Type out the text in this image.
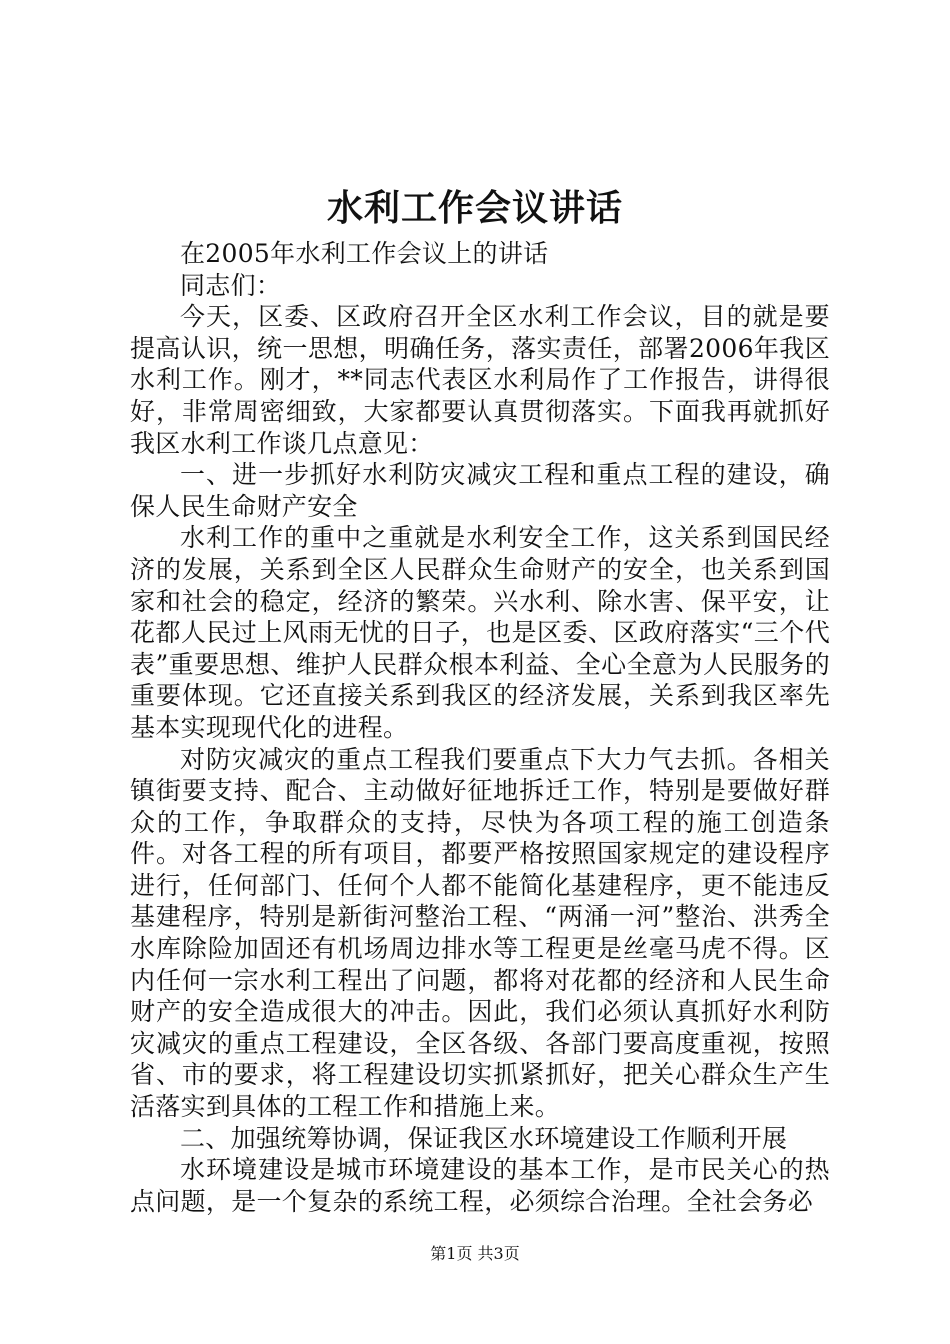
水利工作会议讲话

在2005年水利工作会议上的讲话

同志们：

今天，区委、区政府召开全区水利工作会议，目的就是要提高认识，统一思想，明确任务，落实责任，部署2006年我区水利工作。刚才，**同志代表区水利局作了工作报告，讲得很好，非常周密细致，大家都要认真贯彻落实。下面我再就抓好我区水利工作谈几点意见：

一、进一步抓好水利防灾减灾工程和重点工程的建设，确保人民生命财产安全

水利工作的重中之重就是水利安全工作，这关系到国民经济的发展，关系到全区人民群众生命财产的安全，也关系到国家和社会的稳定，经济的繁荣。兴水利、除水害、保平安，让花都人民过上风雨无忧的日子，也是区委、区政府落实“三个代表”重要思想、维护人民群众根本利益、全心全意为人民服务的重要体现。它还直接关系到我区的经济发展，关系到我区率先基本实现现代化的进程。

对防灾减灾的重点工程我们要重点下大力气去抓。各相关镇街要支持、配合、主动做好征地拆迁工作，特别是要做好群众的工作，争取群众的支持，尽快为各项工程的施工创造条件。对各工程的所有项目，都要严格按照国家规定的建设程序进行，任何部门、任何个人都不能简化基建程序，更不能违反基建程序，特别是新街河整治工程、“两涌一河”整治、洪秀全水库除险加固还有机场周边排水等工程更是丝毫马虎不得。区内任何一宗水利工程出了问题，都将对花都的经济和人民生命财产的安全造成很大的冲击。因此，我们必须认真抓好水利防灾减灾的重点工程建设，全区各级、各部门要高度重视，按照省、市的要求，将工程建设切实抓紧抓好，把关心群众生产生活落实到具体的工程工作和措施上来。

二、加强统筹协调，保证我区水环境建设工作顺利开展

水环境建设是城市环境建设的基本工作，是市民关心的热点问题，是一个复杂的系统工程，必须综合治理。全社会务必

第1页 共3页
